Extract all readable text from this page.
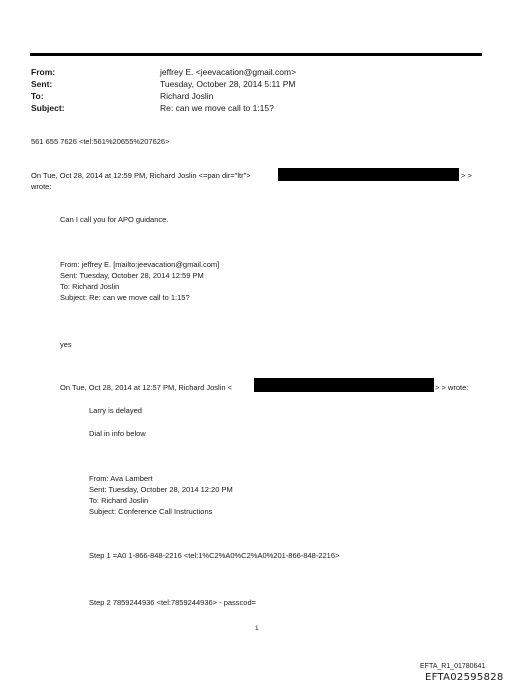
From:	jeffrey E. <jeevacation@gmail.com>
Sent:	Tuesday, October 28, 2014 5:11 PM
To:	Richard Joslin
Subject:	Re: can we move call to 1:15?
561 655 7626 <tel:561%20655%207626>
On Tue, Oct 28, 2014 at 12:59 PM, Richard Joslin <=pan dir="ltr">	> >
wrote:
Can I call you for APO guidance.
From: jeffrey E. [mailto:jeevacation@gmail.com]
Sent: Tuesday, October 28, 2014 12:59 PM
To: Richard Joslin
Subject: Re: can we move call to 1:15?
yes
On Tue, Oct 28, 2014 at 12:57 PM, Richard Joslin <	> > wrote:
Larry is delayed
Dial in info below
From: Ava Lambert
Sent: Tuesday, October 28, 2014 12:20 PM
To: Richard Joslin
Subject: Conference Call Instructions
Step 1 =A0 1-866-848-2216 <tel:1%C2%A0%C2%A0%201-866-848-2216>
Step 2 7859244936 <tel:7859244936> - passcod=
1
EFTA_R1_01780641
EFTA02595828
